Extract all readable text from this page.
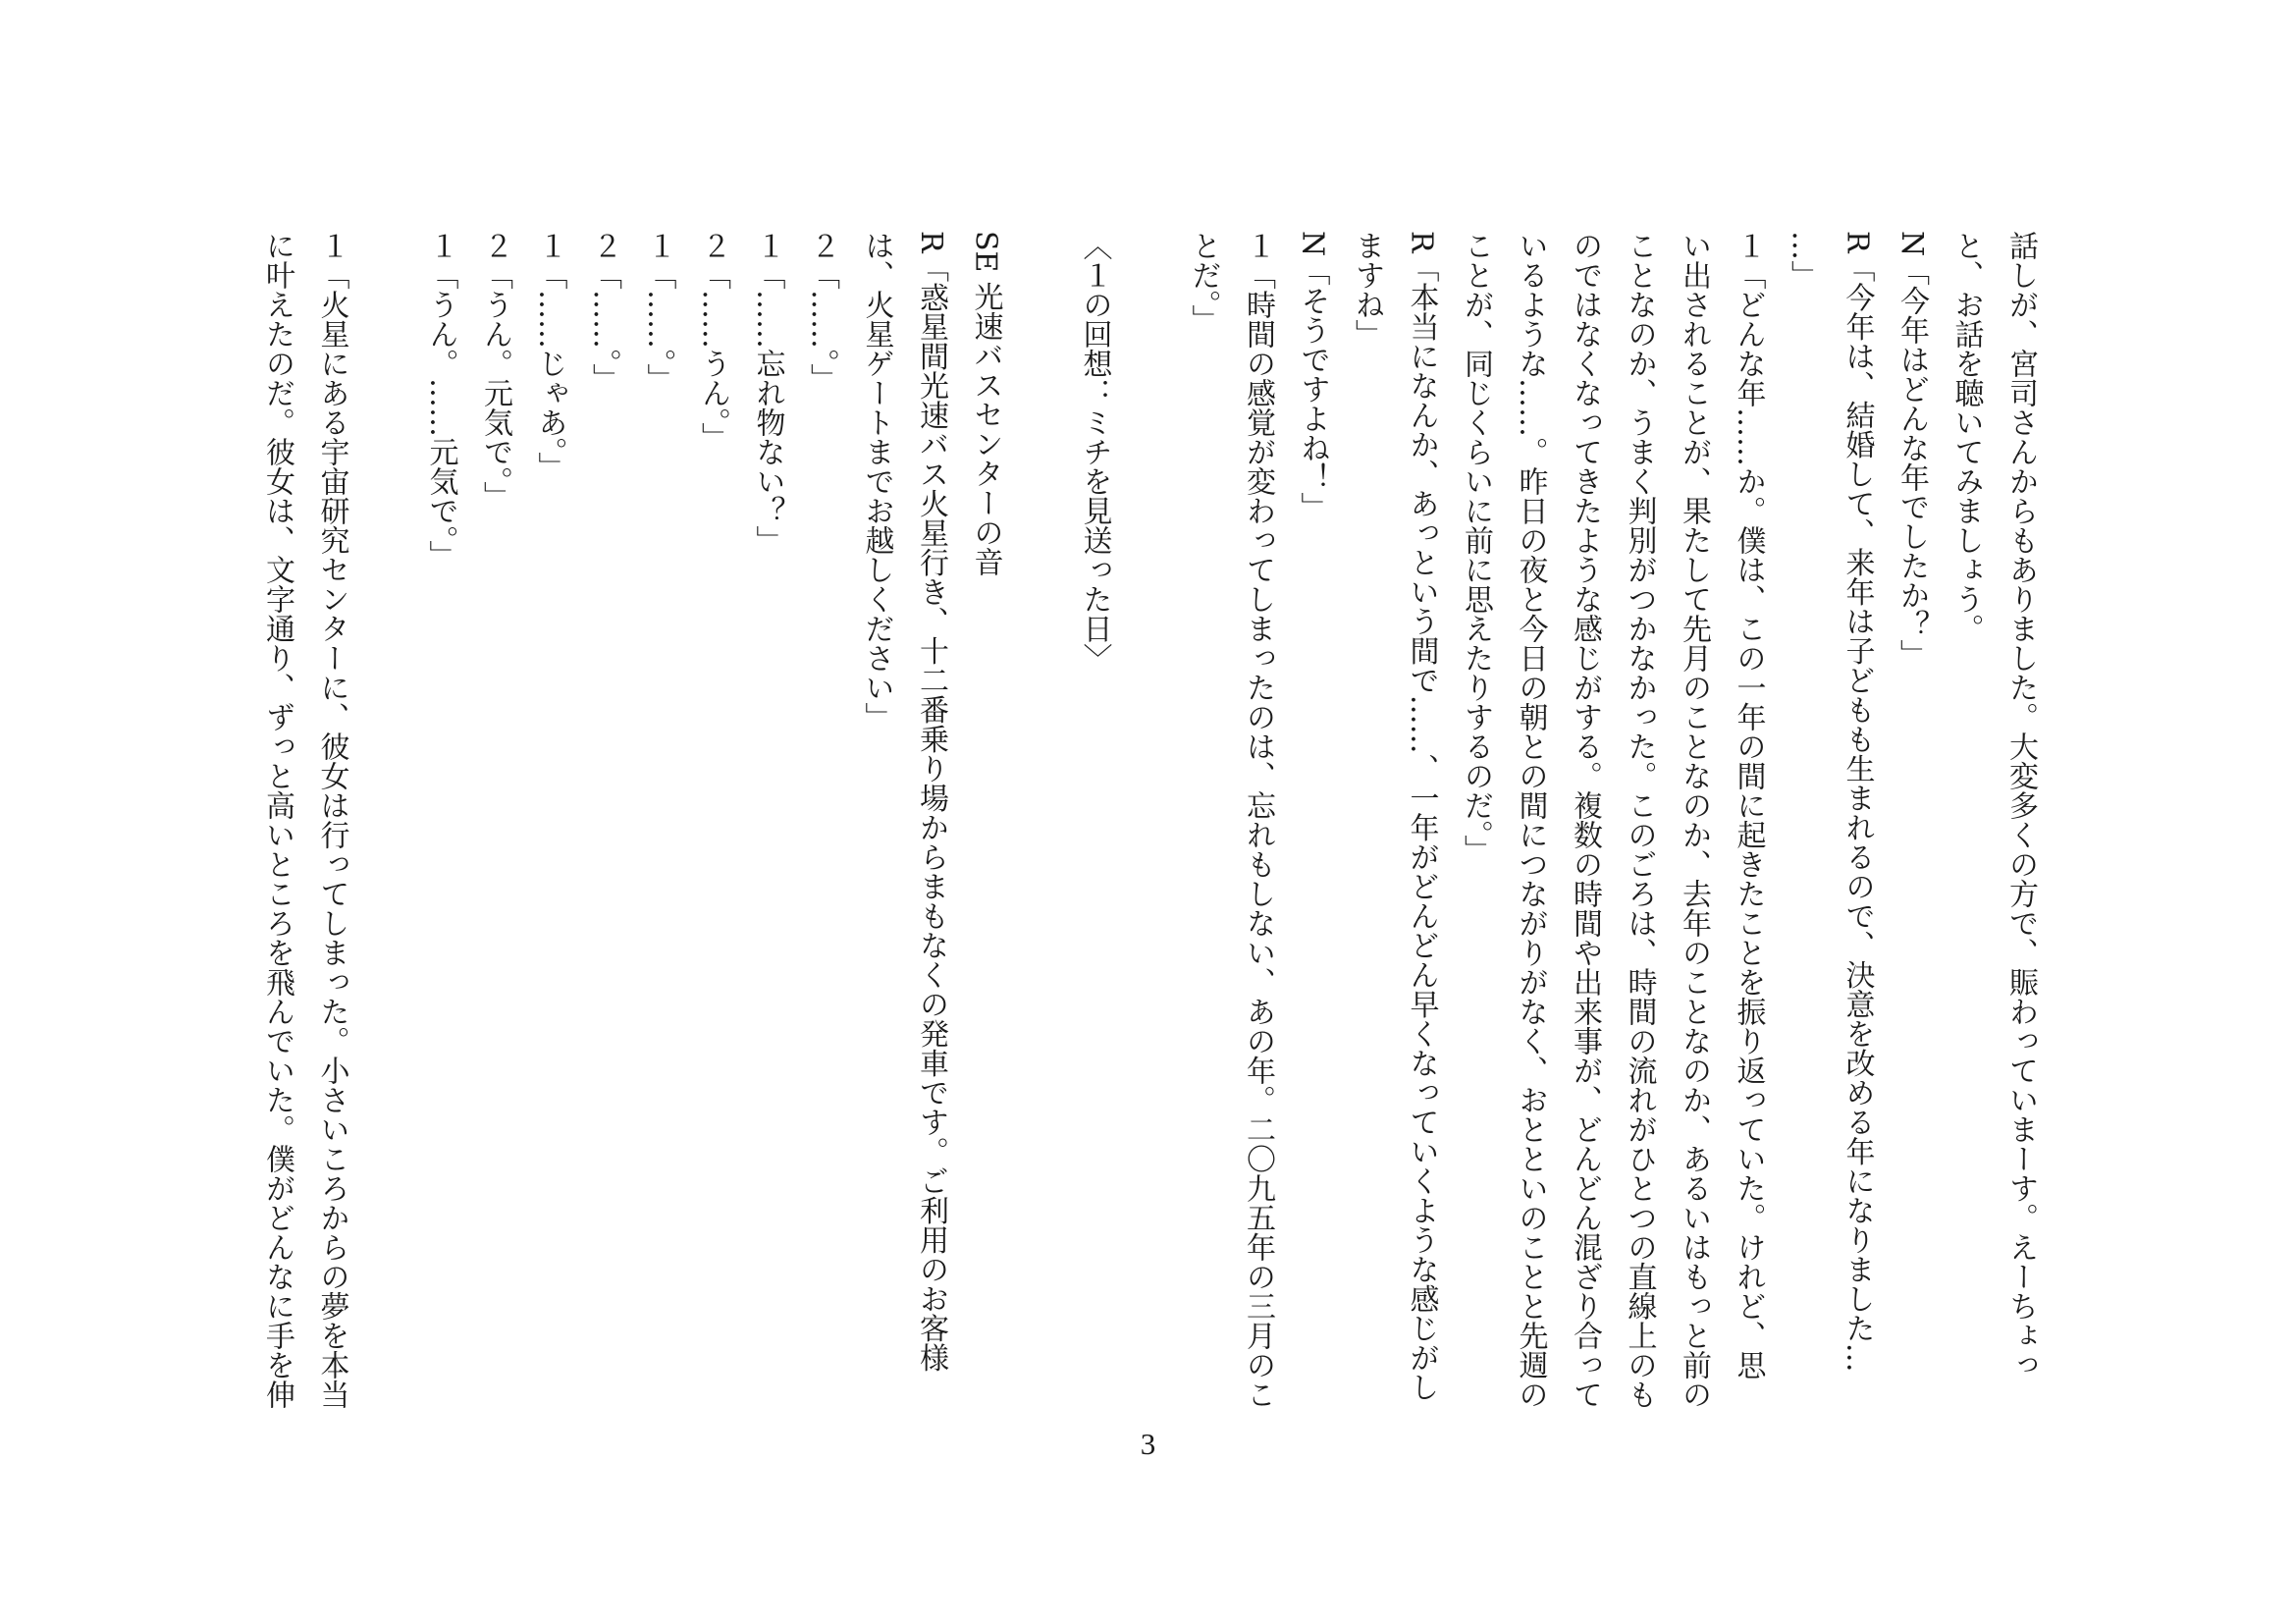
話しが、宮司さんからもありました。大変多くの方で、賑わっていまーす。えーちょっ
と、お話を聴いてみましょう。
N「今年はどんな年でしたか？」
R「今年は、結婚して、来年は子どもも生まれるので、決意を改める年になりました…
…」
１「どんな年……か。僕は、この一年の間に起きたことを振り返っていた。けれど、思
い出されることが、果たして先月のことなのか、去年のことなのか、あるいはもっと前の
ことなのか、うまく判別がつかなかった。このごろは、時間の流れがひとつの直線上のも
のではなくなってきたような感じがする。複数の時間や出来事が、どんどん混ざり合って
いるような……。昨日の夜と今日の朝との間につながりがなく、おとといのことと先週の
ことが、同じくらいに前に思えたりするのだ。」
R「本当になんか、あっという間で……、一年がどんどん早くなっていくような感じがし
ますね」
N「そうですよね！」
１「時間の感覚が変わってしまったのは、忘れもしない、あの年。二〇九五年の三月のこ
とだ。」
〈１の回想：ミチを見送った日〉
SE 光速バスセンターの音
R「惑星間光速バス火星行き、十二番乗り場からまもなくの発車です。ご利用のお客様
は、火星ゲートまでお越しください」
２「……。」
１「……忘れ物ない？」
２「……うん。」
１「……。」
２「……。」
１「……じゃあ。」
２「うん。元気で。」
１「うん。……元気で。」
１「火星にある宇宙研究センターに、彼女は行ってしまった。小さいころからの夢を本当
に叶えたのだ。彼女は、文字通り、ずっと高いところを飛んでいた。僕がどんなに手を伸
3
